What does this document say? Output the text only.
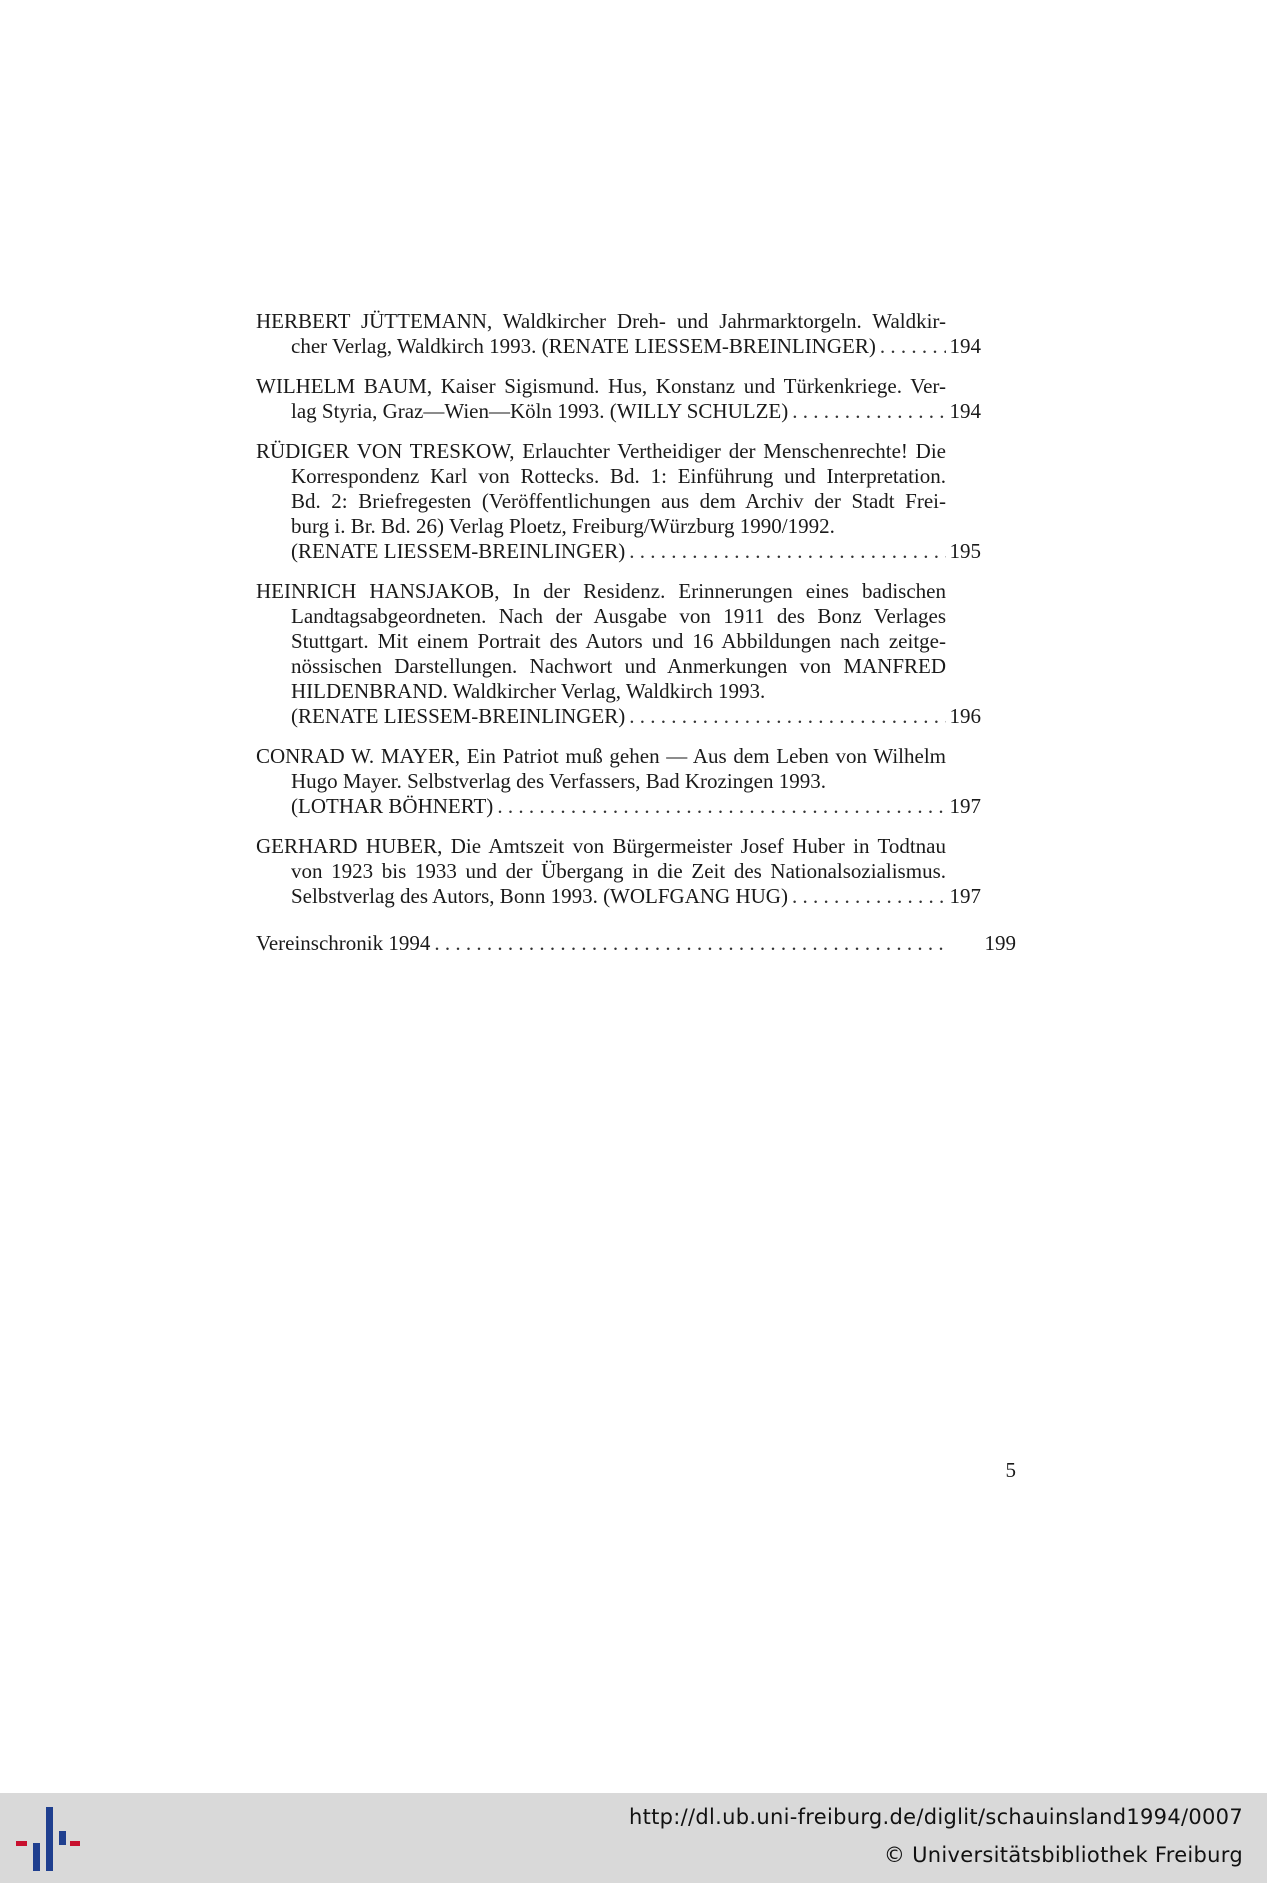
HERBERT JÜTTEMANN, Waldkircher Dreh- und Jahrmarktorgeln. Waldkir-
cher Verlag, Waldkirch 1993. (RENATE LIESSEM-BREINLINGER) . . .	194
WILHELM BAUM, Kaiser Sigismund. Hus, Konstanz und Türkenkriege. Ver-
lag Styria, Graz—Wien—Köln 1993. (WILLY SCHULZE) . . .	194
RÜDIGER VON TRESKOW, Erlauchter Vertheidiger der Menschenrechte! Die
Korrespondenz Karl von Rottecks. Bd. 1: Einführung und Interpretation.
Bd. 2: Briefregesten (Veröffentlichungen aus dem Archiv der Stadt Frei-
burg i. Br. Bd. 26) Verlag Ploetz, Freiburg/Würzburg 1990/1992.
(RENATE LIESSEM-BREINLINGER) . . .	195
HEINRICH HANSJAKOB, In der Residenz. Erinnerungen eines badischen
Landtagsabgeordneten. Nach der Ausgabe von 1911 des Bonz Verlages
Stuttgart. Mit einem Portrait des Autors und 16 Abbildungen nach zeitge-
nössischen Darstellungen. Nachwort und Anmerkungen von MANFRED
HILDENBRAND. Waldkircher Verlag, Waldkirch 1993.
(RENATE LIESSEM-BREINLINGER) . . .	196
CONRAD W. MAYER, Ein Patriot muß gehen — Aus dem Leben von Wilhelm
Hugo Mayer. Selbstverlag des Verfassers, Bad Krozingen 1993.
(LOTHAR BÖHNERT) . . .	197
GERHARD HUBER, Die Amtszeit von Bürgermeister Josef Huber in Todtnau
von 1923 bis 1933 und der Übergang in die Zeit des Nationalsozialismus.
Selbstverlag des Autors, Bonn 1993. (WOLFGANG HUG) . . .	197
Vereinschronik 1994 . . .	199
5
http://dl.ub.uni-freiburg.de/diglit/schauinsland1994/0007
© Universitätsbibliothek Freiburg
